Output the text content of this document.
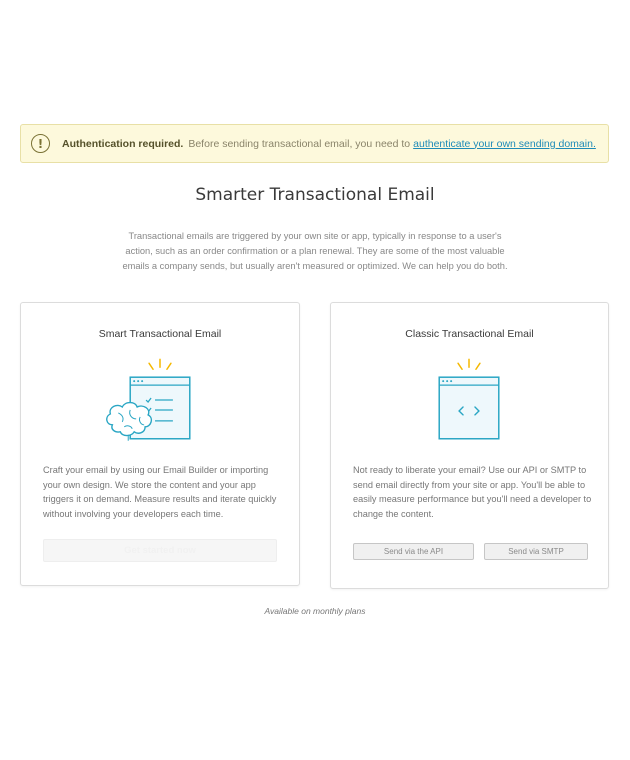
!	Authentication required. Before sending transactional email, you need to authenticate your own sending domain.
Smarter Transactional Email

Transactional emails are triggered by your own site or app, typically in response to a user's action, such as an order confirmation or a plan renewal. They are some of the most valuable emails a company sends, but usually aren't measured or optimized. We can help you do both.

Smart Transactional Email

Craft your email by using our Email Builder or importing your own design. We store the content and your app triggers it on demand. Measure results and iterate quickly without involving your developers each time.

Get started now
Classic Transactional Email

Not ready to liberate your email? Use our API or SMTP to send email directly from your site or app. You'll be able to easily measure performance but you'll need a developer to change the content.

Send via the API	Send via SMTP
Available on monthly plans
